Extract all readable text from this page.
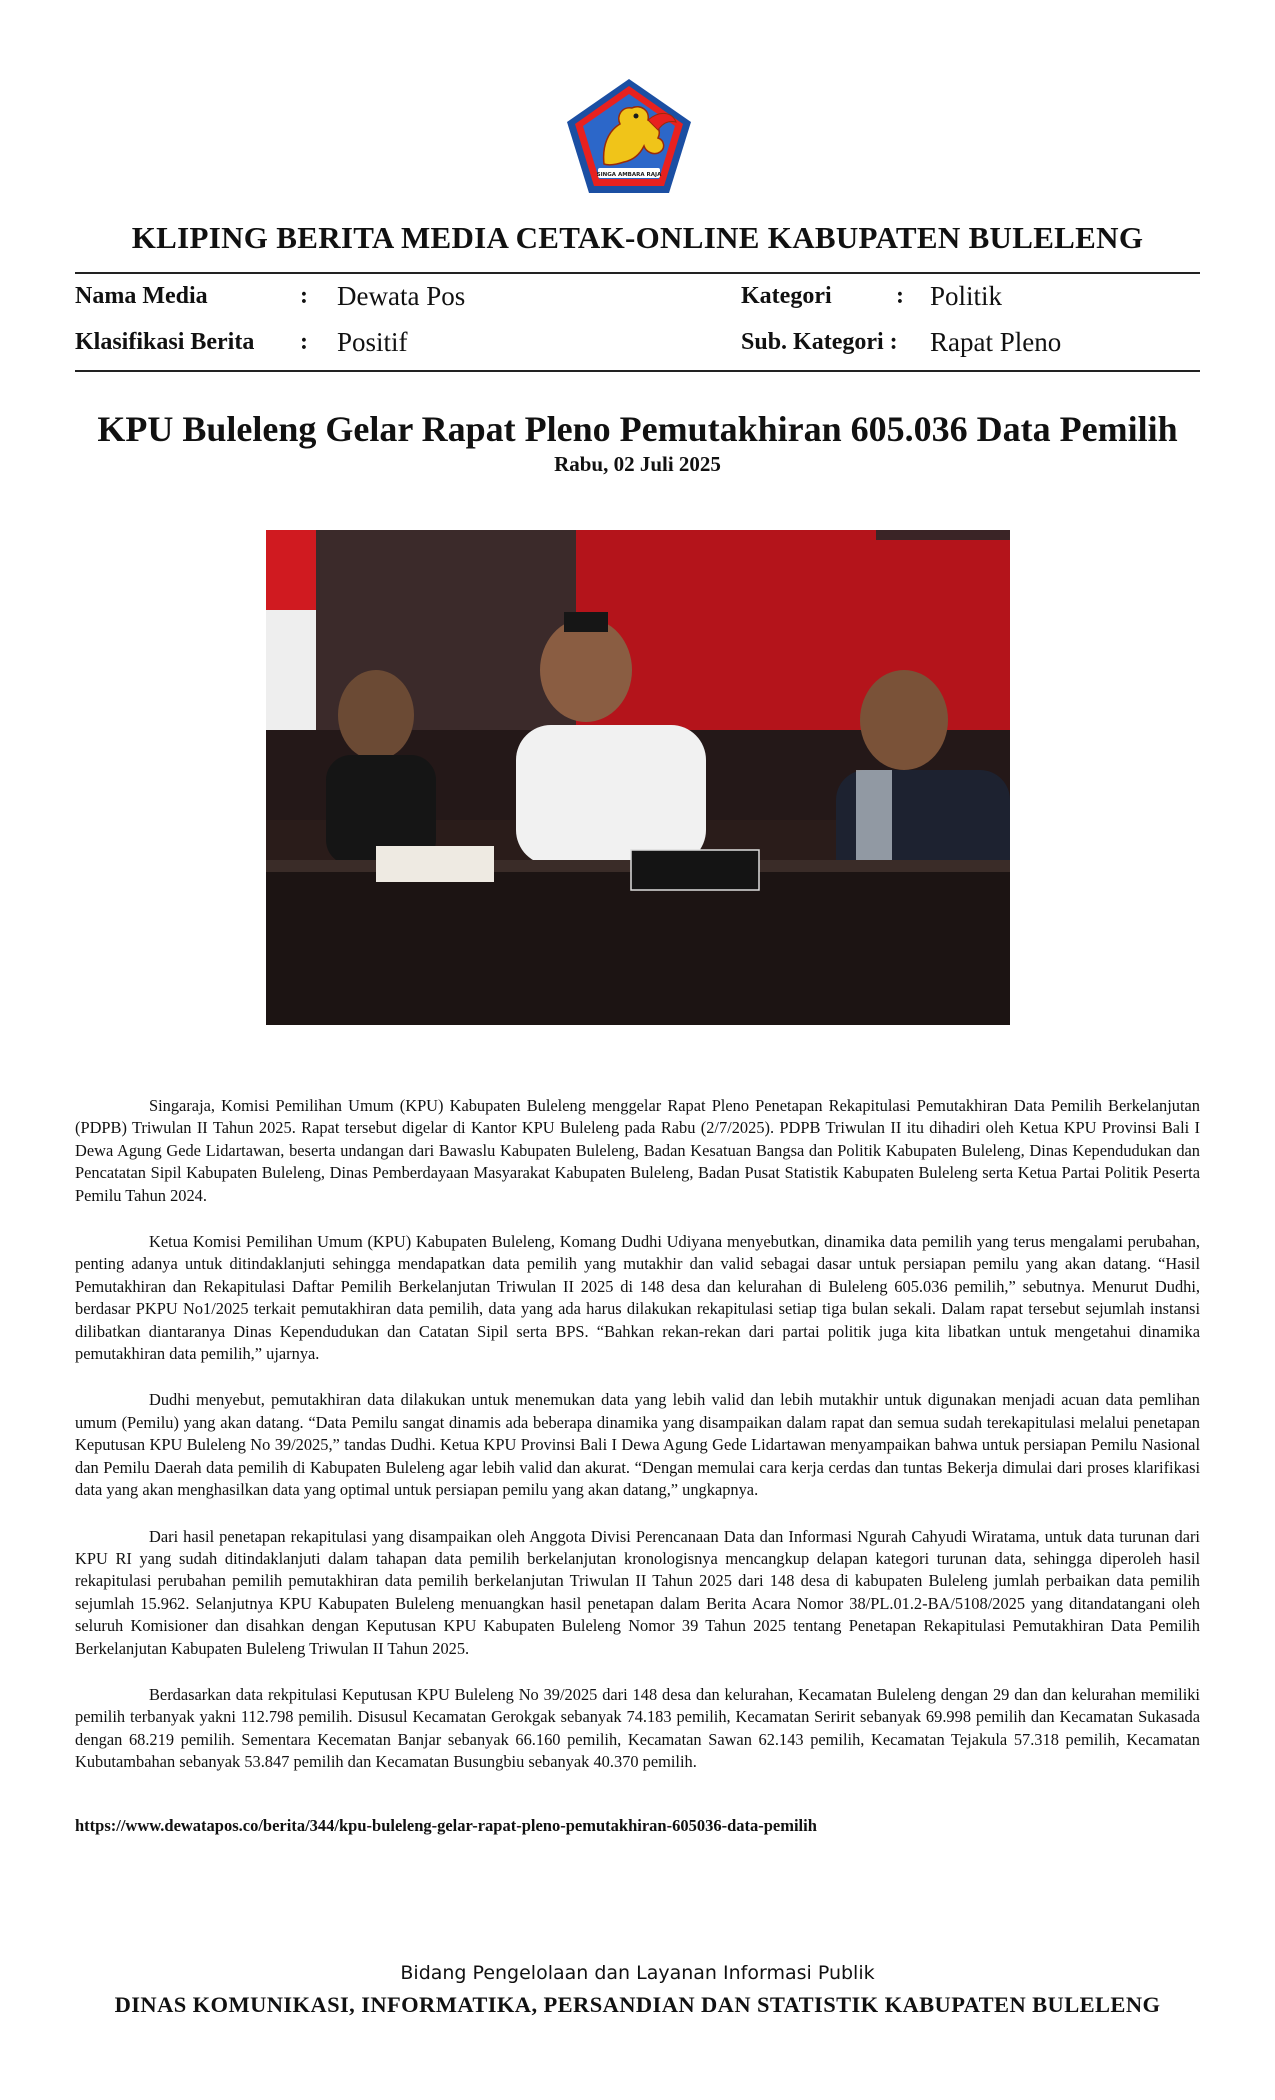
SINGA AMBARA RAJA
KLIPING BERITA MEDIA CETAK-ONLINE KABUPATEN BULELENG
Nama Media	: Dewata Pos
Klasifikasi Berita : Positif
Kategori	: Politik
Sub. Kategori : Rapat Pleno
KPU Buleleng Gelar Rapat Pleno Pemutakhiran 605.036 Data Pemilih
Rabu, 02 Juli 2025

Singaraja, Komisi Pemilihan Umum (KPU) Kabupaten Buleleng menggelar Rapat Pleno Penetapan Rekapitulasi Pemutakhiran Data Pemilih Berkelanjutan (PDPB) Triwulan II Tahun 2025. Rapat tersebut digelar di Kantor KPU Buleleng pada Rabu (2/7/2025). PDPB Triwulan II itu dihadiri oleh Ketua KPU Provinsi Bali I Dewa Agung Gede Lidartawan, beserta undangan dari Bawaslu Kabupaten Buleleng, Badan Kesatuan Bangsa dan Politik Kabupaten Buleleng, Dinas Kependudukan dan Pencatatan Sipil Kabupaten Buleleng, Dinas Pemberdayaan Masyarakat Kabupaten Buleleng, Badan Pusat Statistik Kabupaten Buleleng serta Ketua Partai Politik Peserta Pemilu Tahun 2024.

Ketua Komisi Pemilihan Umum (KPU) Kabupaten Buleleng, Komang Dudhi Udiyana menyebutkan, dinamika data pemilih yang terus mengalami perubahan, penting adanya untuk ditindaklanjuti sehingga mendapatkan data pemilih yang mutakhir dan valid sebagai dasar untuk persiapan pemilu yang akan datang. “Hasil Pemutakhiran dan Rekapitulasi Daftar Pemilih Berkelanjutan Triwulan II 2025 di 148 desa dan kelurahan di Buleleng 605.036 pemilih,” sebutnya. Menurut Dudhi, berdasar PKPU No1/2025 terkait pemutakhiran data pemilih, data yang ada harus dilakukan rekapitulasi setiap tiga bulan sekali. Dalam rapat tersebut sejumlah instansi dilibatkan diantaranya Dinas Kependudukan dan Catatan Sipil serta BPS. “Bahkan rekan-rekan dari partai politik juga kita libatkan untuk mengetahui dinamika pemutakhiran data pemilih,” ujarnya.

Dudhi menyebut, pemutakhiran data dilakukan untuk menemukan data yang lebih valid dan lebih mutakhir untuk digunakan menjadi acuan data pemlihan umum (Pemilu) yang akan datang. “Data Pemilu sangat dinamis ada beberapa dinamika yang disampaikan dalam rapat dan semua sudah terekapitulasi melalui penetapan Keputusan KPU Buleleng No 39/2025,” tandas Dudhi. Ketua KPU Provinsi Bali I Dewa Agung Gede Lidartawan menyampaikan bahwa untuk persiapan Pemilu Nasional dan Pemilu Daerah data pemilih di Kabupaten Buleleng agar lebih valid dan akurat. “Dengan memulai cara kerja cerdas dan tuntas Bekerja dimulai dari proses klarifikasi data yang akan menghasilkan data yang optimal untuk persiapan pemilu yang akan datang,” ungkapnya.

Dari hasil penetapan rekapitulasi yang disampaikan oleh Anggota Divisi Perencanaan Data dan Informasi Ngurah Cahyudi Wiratama, untuk data turunan dari KPU RI yang sudah ditindaklanjuti dalam tahapan data pemilih berkelanjutan kronologisnya mencangkup delapan kategori turunan data, sehingga diperoleh hasil rekapitulasi perubahan pemilih pemutakhiran data pemilih berkelanjutan Triwulan II Tahun 2025 dari 148 desa di kabupaten Buleleng jumlah perbaikan data pemilih sejumlah 15.962. Selanjutnya KPU Kabupaten Buleleng menuangkan hasil penetapan dalam Berita Acara Nomor 38/PL.01.2-BA/5108/2025 yang ditandatangani oleh seluruh Komisioner dan disahkan dengan Keputusan KPU Kabupaten Buleleng Nomor 39 Tahun 2025 tentang Penetapan Rekapitulasi Pemutakhiran Data Pemilih Berkelanjutan Kabupaten Buleleng Triwulan II Tahun 2025.

Berdasarkan data rekpitulasi Keputusan KPU Buleleng No 39/2025 dari 148 desa dan kelurahan, Kecamatan Buleleng dengan 29 dan dan kelurahan memiliki pemilih terbanyak yakni 112.798 pemilih. Disusul Kecamatan Gerokgak sebanyak 74.183 pemilih, Kecamatan Seririt sebanyak 69.998 pemilih dan Kecamatan Sukasada dengan 68.219 pemilih. Sementara Kecematan Banjar sebanyak 66.160 pemilih, Kecamatan Sawan 62.143 pemilih, Kecamatan Tejakula 57.318 pemilih, Kecamatan Kubutambahan sebanyak 53.847 pemilih dan Kecamatan Busungbiu sebanyak 40.370 pemilih.

https://www.dewatapos.co/berita/344/kpu-buleleng-gelar-rapat-pleno-pemutakhiran-605036-data-pemilih
Bidang Pengelolaan dan Layanan Informasi Publik
DINAS KOMUNIKASI, INFORMATIKA, PERSANDIAN DAN STATISTIK KABUPATEN BULELENG
